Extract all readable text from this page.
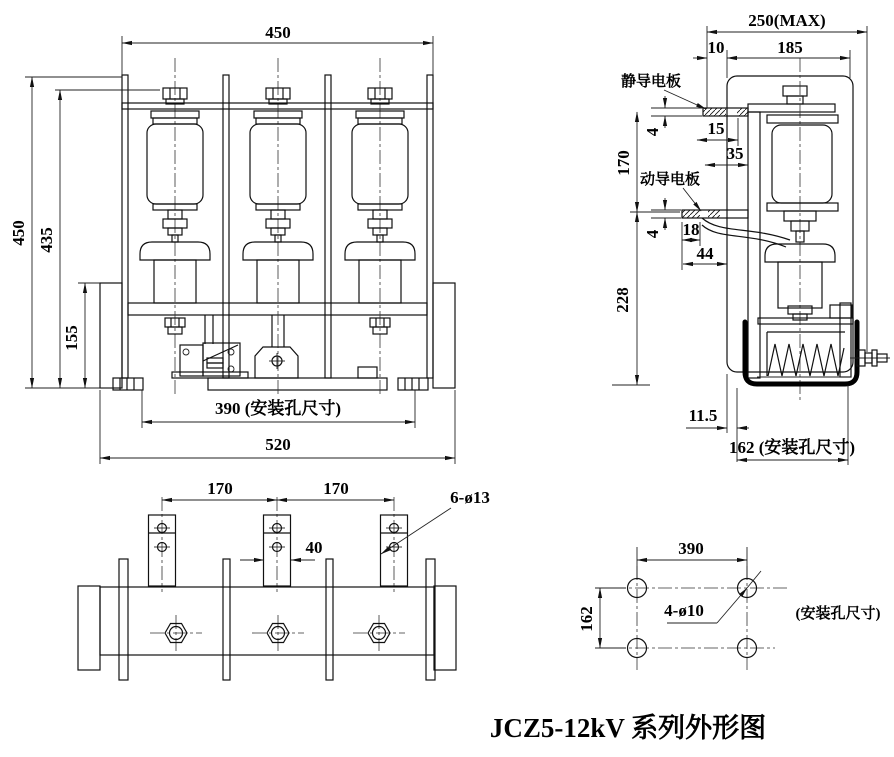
450
450 435
155
390 (安装孔尺寸)
520
250(MAX)
10	185
静导电板
动导电板
4
170
15
35
4 18
44
228
11.5
162 (安装孔尺寸)
170	170
40
6-ø13
390
162	4-ø10	(安装孔尺寸)
JCZ5-12kV 系列外形图
